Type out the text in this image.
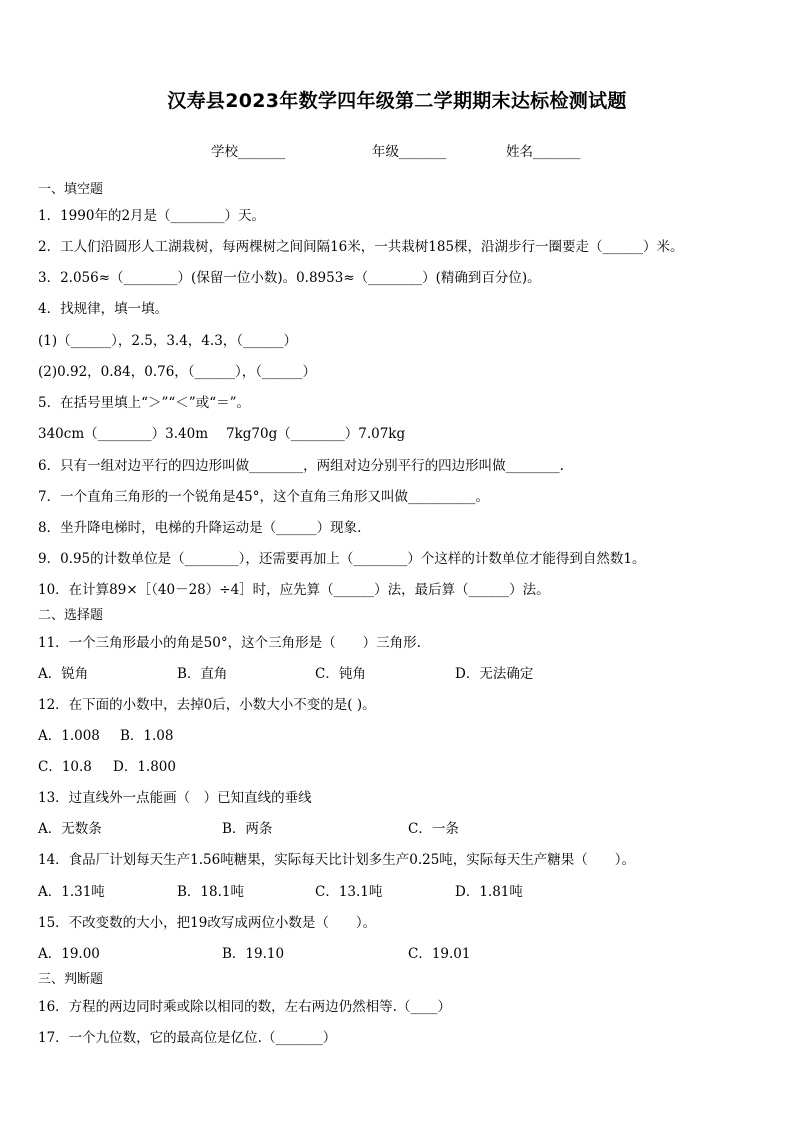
汉寿县2023年数学四年级第二学期期末达标检测试题
学校_______	年级_______	姓名_______
一、填空题
1．1990年的2月是（________）天。
2．工人们沿圆形人工湖栽树，每两棵树之间间隔16米，一共栽树185棵，沿湖步行一圈要走（______）米。
3．2.056≈（________）(保留一位小数)。0.8953≈（________）(精确到百分位)。
4．找规律，填一填。
(1)（______），2.5，3.4，4.3，（______）
(2)0.92，0.84，0.76，（______），（______）
5．在括号里填上“＞”“＜”或“＝”。
340cm（________）3.40m 7kg70g（________）7.07kg
6．只有一组对边平行的四边形叫做________，两组对边分别平行的四边形叫做________.
7．一个直角三角形的一个锐角是45°，这个直角三角形又叫做__________。
8．坐升降电梯时，电梯的升降运动是（______）现象.
9．0.95的计数单位是（________），还需要再加上（________）个这样的计数单位才能得到自然数1。
10．在计算89×［（40－28）÷4］时，应先算（______）法，最后算（______）法。
二、选择题
11．一个三角形最小的角是50°，这个三角形是（　　）三角形.
A．锐角	B．直角	C．钝角	D．无法确定
12．在下面的小数中，去掉0后，小数大小不变的是( )。
A．1.008 B．1.08
C．10.8 D．1.800
13．过直线外一点能画（　）已知直线的垂线
A．无数条	B．两条	C．一条
14．食品厂计划每天生产1.56吨糖果，实际每天比计划多生产0.25吨，实际每天生产糖果（　　）。
A．1.31吨	B．18.1吨	C．13.1吨	D．1.81吨
15．不改变数的大小，把19改写成两位小数是（　　）。
A．19.00	B．19.10	C．19.01
三、判断题
16．方程的两边同时乘或除以相同的数，左右两边仍然相等.（____）
17．一个九位数，它的最高位是亿位.（_______）
